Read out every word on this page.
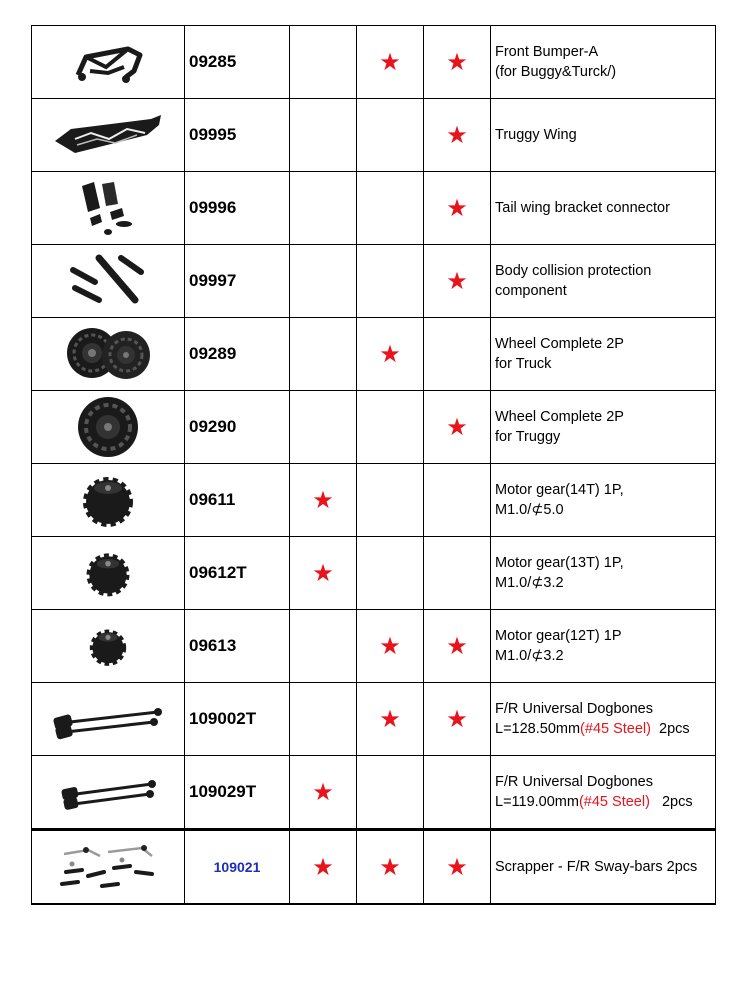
	09285		★	★	Front Bumper-A
(for Buggy&Turck/)

	09995			★	Truggy Wing

	09996			★	Tail wing bracket connector

	09997			★	Body collision protection
component

	09289		★		Wheel Complete 2P
for Truck

	09290			★	Wheel Complete 2P
for Truggy

	09611	★			Motor gear(14T) 1P,
M1.0/⊄5.0

	09612T	★			Motor gear(13T) 1P,
M1.0/⊄3.2

	09613		★	★	Motor gear(12T) 1P
M1.0/⊄3.2

	109002T		★	★	F/R Universal Dogbones
L=128.50mm(#45 Steel)  2pcs

	109029T	★			F/R Universal Dogbones
L=119.00mm(#45 Steel)   2pcs

	109021	★	★	★	Scrapper - F/R Sway-bars 2pcs
